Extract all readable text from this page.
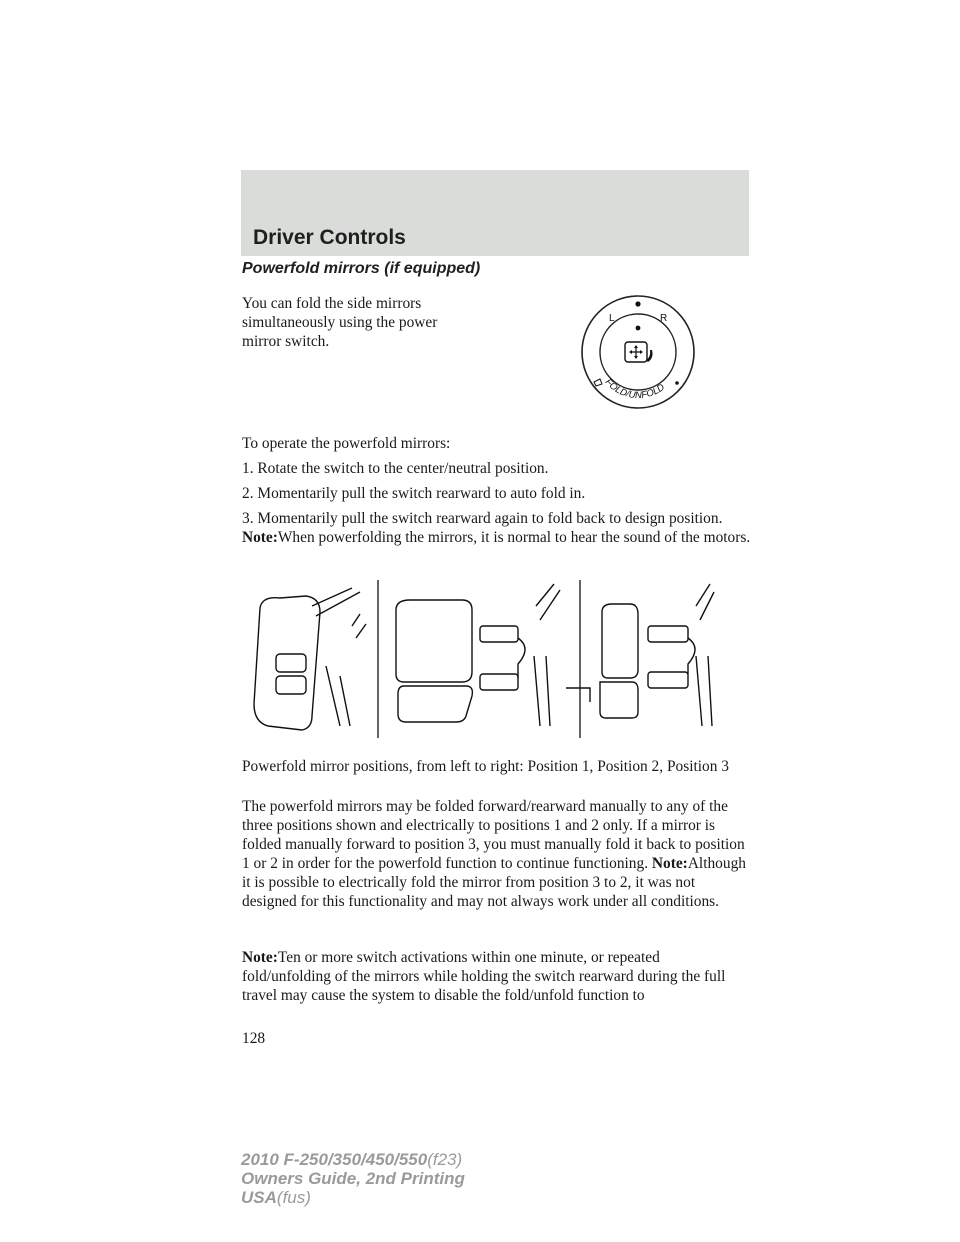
Driver Controls
Powerfold mirrors (if equipped)

You can fold the side mirrors simultaneously using the power mirror switch.

L	R
FOLD/UNFOLD

To operate the powerfold mirrors:

1. Rotate the switch to the center/neutral position.

2. Momentarily pull the switch rearward to auto fold in.

3. Momentarily pull the switch rearward again to fold back to design position.

Note:When powerfolding the mirrors, it is normal to hear the sound of the motors.

Powerfold mirror positions, from left to right: Position 1, Position 2, Position 3

The powerfold mirrors may be folded forward/rearward manually to any of the three positions shown and electrically to positions 1 and 2 only. If a mirror is folded manually forward to position 3, you must manually fold it back to position 1 or 2 in order for the powerfold function to continue functioning. Note:Although it is possible to electrically fold the mirror from position 3 to 2, it was not designed for this functionality and may not always work under all conditions.

Note:Ten or more switch activations within one minute, or repeated fold/unfolding of the mirrors while holding the switch rearward during the full travel may cause the system to disable the fold/unfold function to

128
2010 F-250/350/450/550(f23)
Owners Guide, 2nd Printing
USA(fus)
